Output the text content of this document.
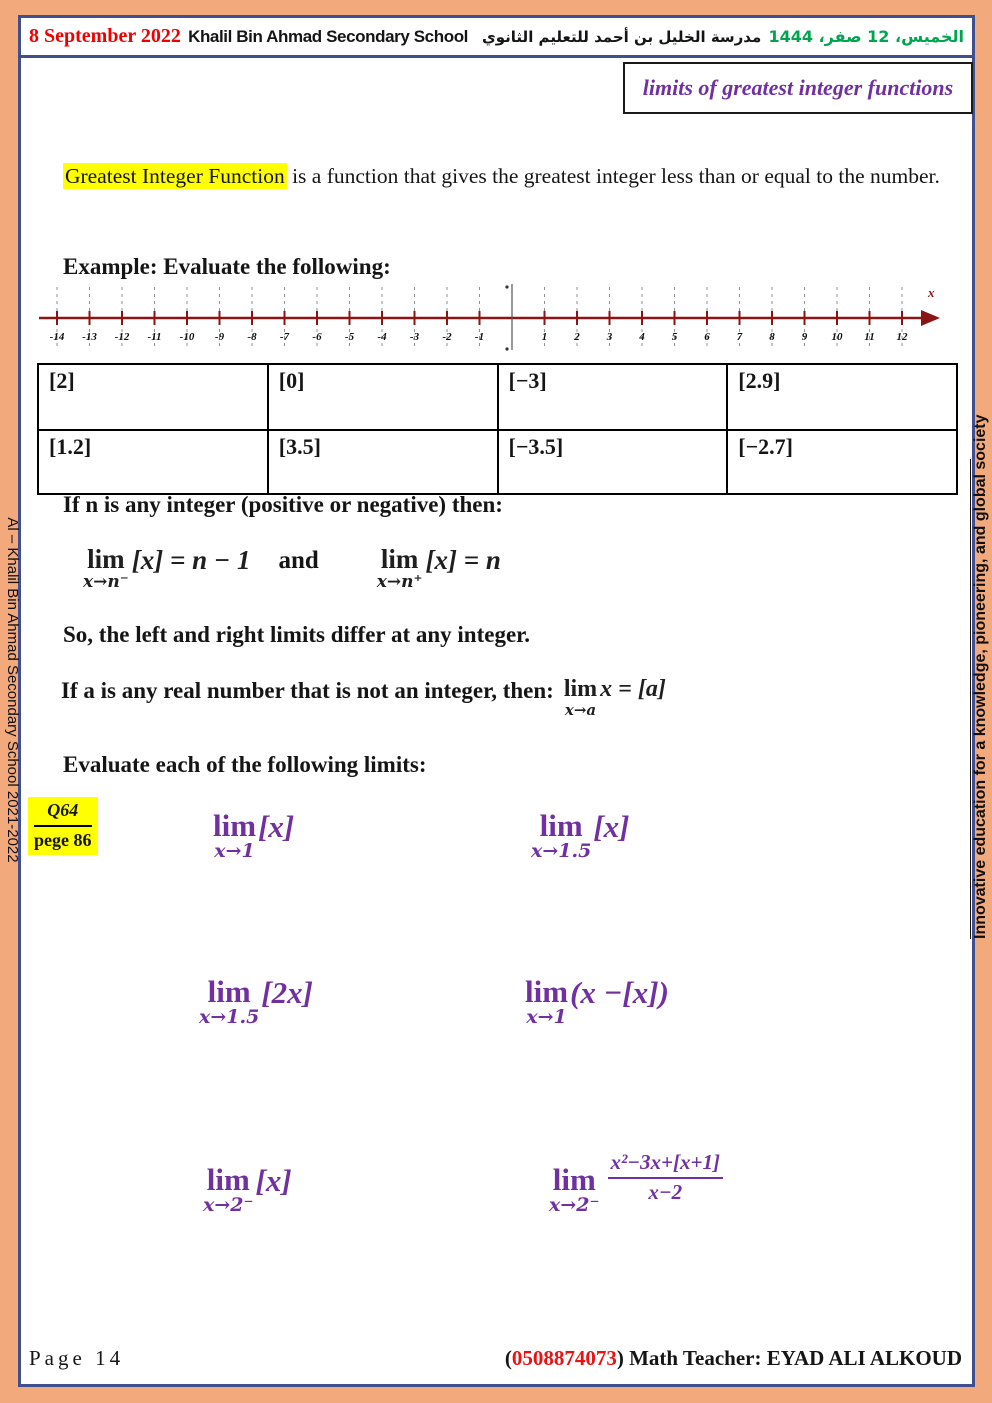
8 September 2022 Khalil Bin Ahmad Secondary School مدرسة الخليل بن أحمد للتعليم الثانوي الخميس، 12 صفر، 1444
limits of greatest integer functions
Greatest Integer Function is a function that gives the greatest integer less than or equal to the number.
Example: Evaluate the following:
-14 -13 -12 -11 -10 -9 -8 -7 -6 -5 -4 -3 -2 -1	1 2 3 4 5 6 7 8 9 10 11 12
x
[2]	[0]	[−3]	[2.9]
[1.2]	[3.5]	[−3.5]	[−2.7]
If n is any integer (positive or negative) then:
lim
x→n⁻
[x] = n − 1 and lim
x→n⁺
[x] = n
So, the left and right limits differ at any integer.
If a is any real number that is not an integer, then: lim
x→a
x = [a]
Evaluate each of the following limits:
Q64
pege 86	lim
x→1
[x]	lim
x→1.5
[x]
lim
x→1.5
[2x]	lim
x→1
(x −[x])
lim
x→2⁻
[x]	lim
$x\to 2^- \frac{\text{x²−3x+[x+1]}}{x-2}$
Page 14	(0508874073) Math Teacher: EYAD ALI ALKOUD
Al – Khalil Bin Ahmad Secondary School 2021-2022	Innovative education for a knowledge, pioneering, and global society
